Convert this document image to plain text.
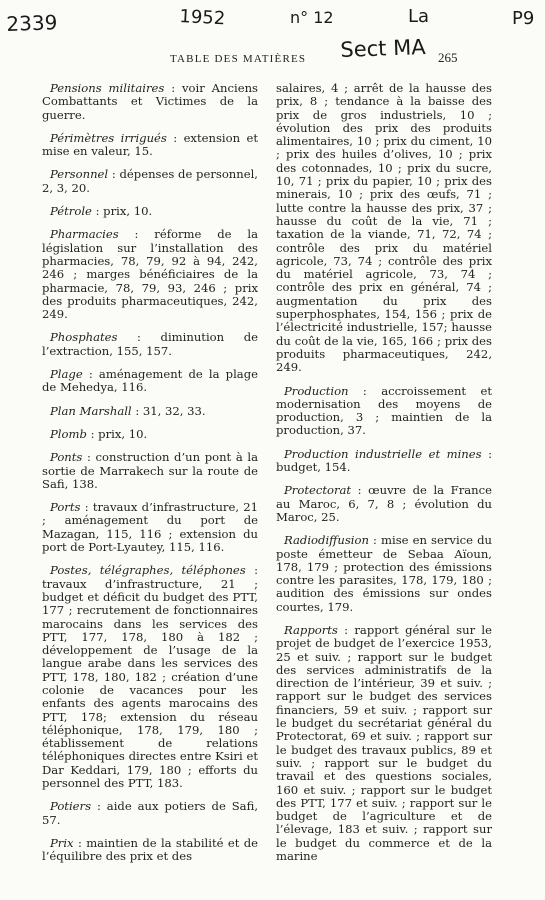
2339	1952	n° 12	La	P9
Sect MA
TABLE DES MATIÈRES	265

Pensions militaires : voir Anciens Combattants et Victimes de la guerre.

Périmètres irrigués : extension et mise en valeur, 15.

Personnel : dépenses de personnel, 2, 3, 20.

Pétrole : prix, 10.

Pharmacies : réforme de la législation sur l’installation des pharmacies, 78, 79, 92 à 94, 242, 246 ; marges bénéficiaires de la pharmacie, 78, 79, 93, 246 ; prix des produits pharmaceutiques, 242, 249.

Phosphates : diminution de l’extraction, 155, 157.

Plage : aménagement de la plage de Mehedya, 116.

Plan Marshall : 31, 32, 33.

Plomb : prix, 10.

Ponts : construction d’un pont à la sortie de Marrakech sur la route de Safi, 138.

Ports : travaux d’infrastructure, 21 ; aménagement du port de Mazagan, 115, 116 ; extension du port de Port-Lyautey, 115, 116.

Postes, télégraphes, téléphones : travaux d’infrastructure, 21 ; budget et déficit du budget des PTT, 177 ; recrutement de fonctionnaires marocains dans les services des PTT, 177, 178, 180 à 182 ; développement de l’usage de la langue arabe dans les services des PTT, 178, 180, 182 ; création d’une colonie de vacances pour les enfants des agents marocains des PTT, 178; extension du réseau téléphonique, 178, 179, 180 ; établissement de relations téléphoniques directes entre Ksiri et Dar Keddari, 179, 180 ; efforts du personnel des PTT, 183.

Potiers : aide aux potiers de Safi, 57.

Prix : maintien de la stabilité et de l’équilibre des prix et des

salaires, 4 ; arrêt de la hausse des prix, 8 ; tendance à la baisse des prix de gros industriels, 10 ; évolution des prix des produits alimentaires, 10 ; prix du ciment, 10 ; prix des huiles d’olives, 10 ; prix des cotonnades, 10 ; prix du sucre, 10, 71 ; prix du papier, 10 ; prix des minerais, 10 ; prix des œufs, 71 ; lutte contre la hausse des prix, 37 ; hausse du coût de la vie, 71 ; taxation de la viande, 71, 72, 74 ; contrôle des prix du matériel agricole, 73, 74 ; contrôle des prix du matériel agricole, 73, 74 ; contrôle des prix en général, 74 ; augmentation du prix des superphosphates, 154, 156 ; prix de l’électricité industrielle, 157; hausse du coût de la vie, 165, 166 ; prix des produits pharmaceutiques, 242, 249.

Production : accroissement et modernisation des moyens de production, 3 ; maintien de la production, 37.

Production industrielle et mines : budget, 154.

Protectorat : œuvre de la France au Maroc, 6, 7, 8 ; évolution du Maroc, 25.

Radiodiffusion : mise en service du poste émetteur de Sebaa Aïoun, 178, 179 ; protection des émissions contre les parasites, 178, 179, 180 ; audition des émissions sur ondes courtes, 179.

Rapports : rapport général sur le projet de budget de l’exercice 1953, 25 et suiv. ; rapport sur le budget des services administratifs de la direction de l’intérieur, 39 et suiv. ; rapport sur le budget des services financiers, 59 et suiv. ; rapport sur le budget du secrétariat général du Protectorat, 69 et suiv. ; rapport sur le budget des travaux publics, 89 et suiv. ; rapport sur le budget du travail et des questions sociales, 160 et suiv. ; rapport sur le budget des PTT, 177 et suiv. ; rapport sur le budget de l’agriculture et de l’élevage, 183 et suiv. ; rapport sur le budget du commerce et de la marine
